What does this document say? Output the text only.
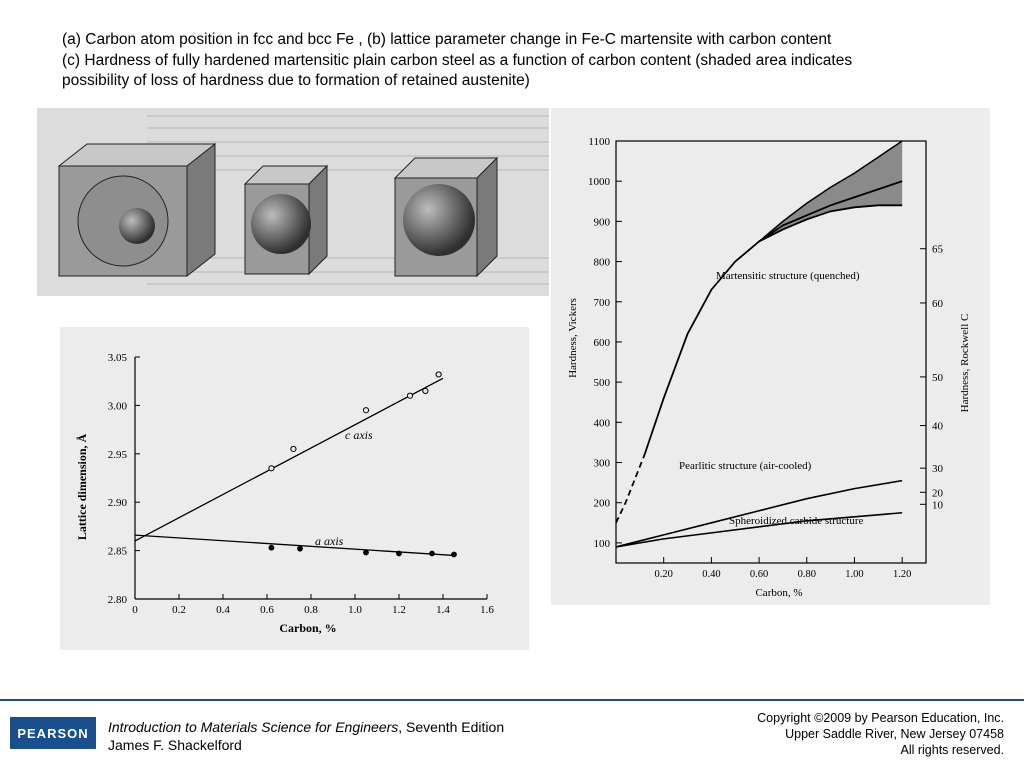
(a) Carbon atom position in fcc and bcc Fe , (b) lattice parameter change in Fe-C martensite with carbon content
(c) Hardness of fully hardened martensitic plain carbon steel as a function of carbon content (shaded area indicates
possibility of loss of hardness due to formation of retained austenite)
Lattice dimension, Å
Carbon, %
c axis
a axis
0	0.2	0.4	0.6	0.8	1.0	1.2	1.4	1.6
2.80
2.85
2.90
2.95
3.00
3.05	Hardness, Vickers	Hardness, Rockwell C
Carbon, %
Martensitic structure (quenched)
Pearlitic structure (air-cooled)
Spheroidized carbide structure
100
200
300
400
500
600
700
800
900
1000
1100
0.20	0.40	0.60	0.80	1.00	1.20
10
20
30
40
50
60
65
PEARSON	Introduction to Materials Science for Engineers, Seventh Edition
James F. Shackelford
Copyright ©2009 by Pearson Education, Inc.
Upper Saddle River, New Jersey 07458
All rights reserved.
